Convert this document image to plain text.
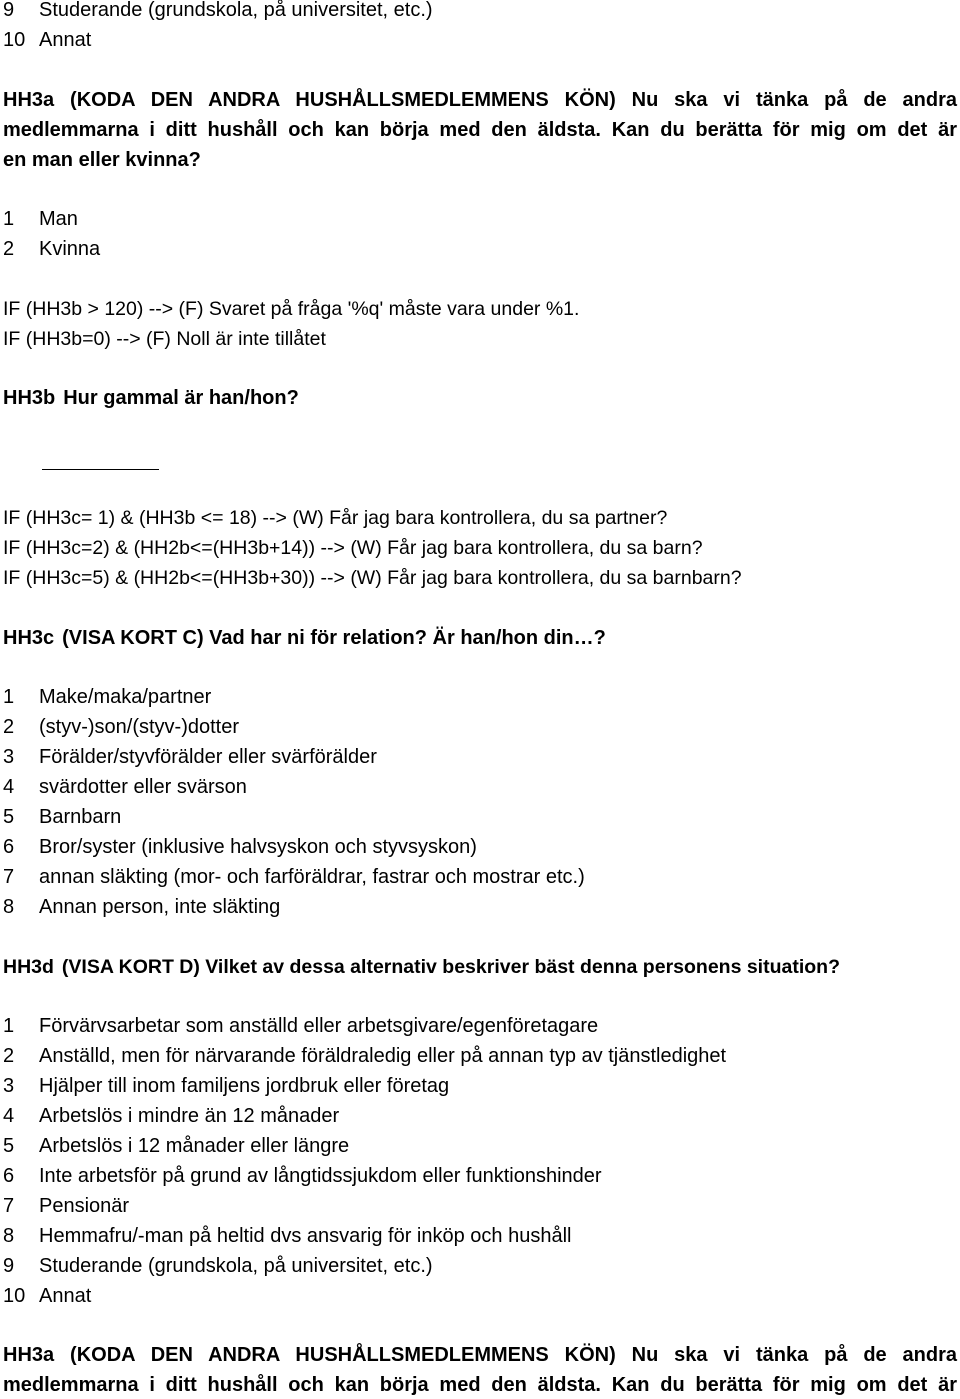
9 Studerande (grundskola, på universitet, etc.)
10 Annat
HH3a (KODA DEN ANDRA HUSHÅLLSMEDLEMMENS KÖN) Nu ska vi tänka på de andra
medlemmarna i ditt hushåll och kan börja med den äldsta. Kan du berätta för mig om det är
en man eller kvinna?
1 Man
2 Kvinna
IF (HH3b > 120) --> (F) Svaret på fråga '%q' måste vara under %1.
IF (HH3b=0) --> (F) Noll är inte tillåtet
HH3b Hur gammal är han/hon?
IF (HH3c= 1) & (HH3b <= 18) --> (W) Får jag bara kontrollera, du sa partner?
IF (HH3c=2) & (HH2b<=(HH3b+14)) --> (W) Får jag bara kontrollera, du sa barn?
IF (HH3c=5) & (HH2b<=(HH3b+30)) --> (W) Får jag bara kontrollera, du sa barnbarn?
HH3c (VISA KORT C) Vad har ni för relation? Är han/hon din…?
1 Make/maka/partner
2 (styv-)son/(styv-)dotter
3 Förälder/styvförälder eller svärförälder
4 svärdotter eller svärson
5 Barnbarn
6 Bror/syster (inklusive halvsyskon och styvsyskon)
7 annan släkting (mor- och farföräldrar, fastrar och mostrar etc.)
8 Annan person, inte släkting
HH3d (VISA KORT D) Vilket av dessa alternativ beskriver bäst denna personens situation?
1 Förvärvsarbetar som anställd eller arbetsgivare/egenföretagare
2 Anställd, men för närvarande föräldraledig eller på annan typ av tjänstledighet
3 Hjälper till inom familjens jordbruk eller företag
4 Arbetslös i mindre än 12 månader
5 Arbetslös i 12 månader eller längre
6 Inte arbetsför på grund av långtidssjukdom eller funktionshinder
7 Pensionär
8 Hemmafru/-man på heltid dvs ansvarig för inköp och hushåll
9 Studerande (grundskola, på universitet, etc.)
10 Annat
HH3a (KODA DEN ANDRA HUSHÅLLSMEDLEMMENS KÖN) Nu ska vi tänka på de andra
medlemmarna i ditt hushåll och kan börja med den äldsta. Kan du berätta för mig om det är
